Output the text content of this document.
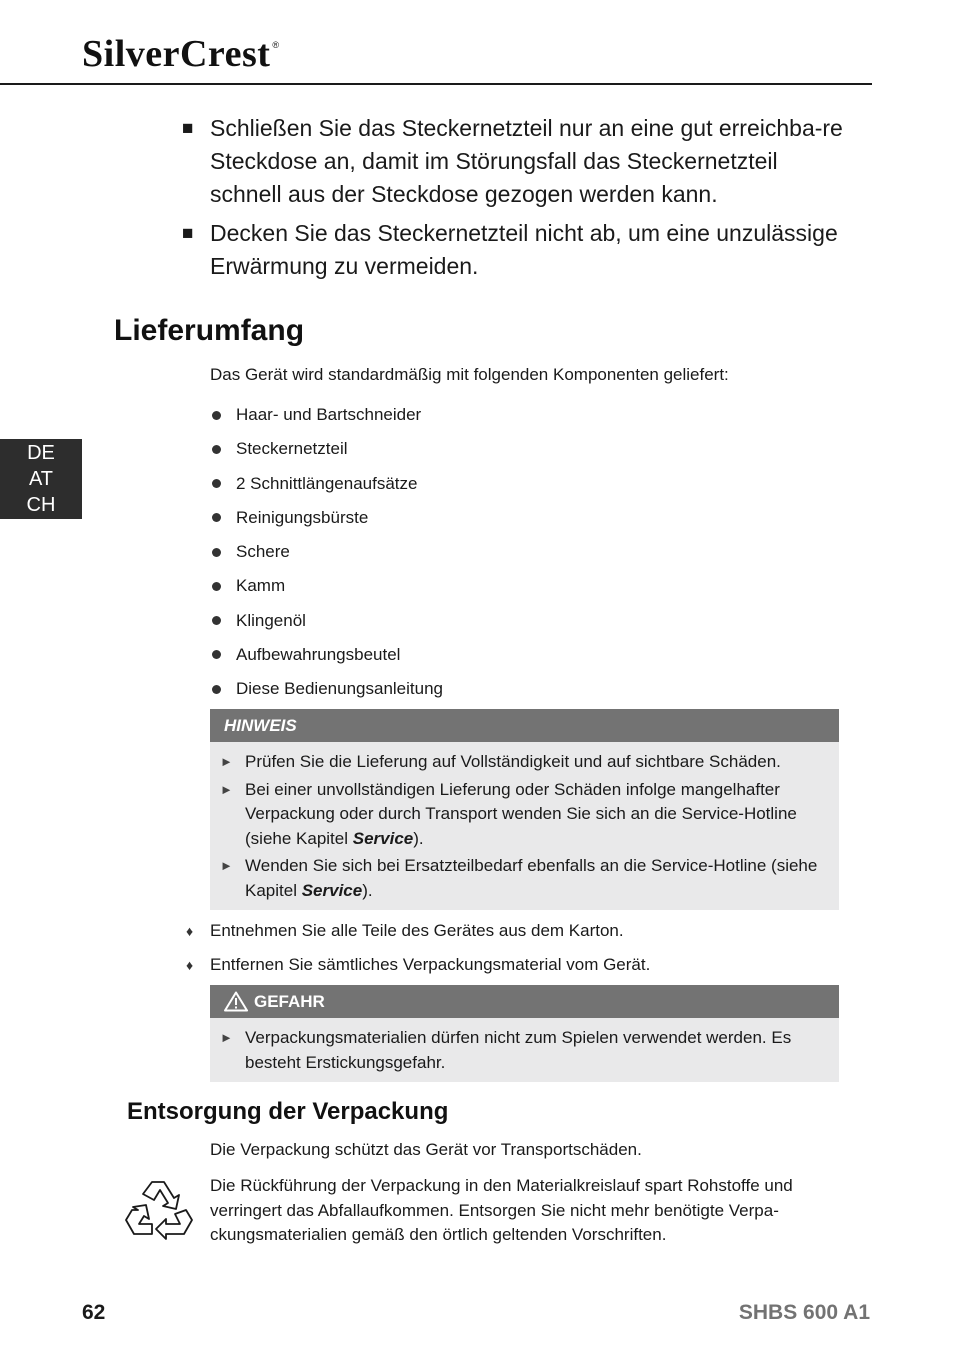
SilverCrest ®
■ Schließen Sie das Steckernetzteil nur an eine gut erreichba-re Steckdose an, damit im Störungsfall das Steckernetzteil schnell aus der Steckdose gezogen werden kann.
■ Decken Sie das Steckernetzteil nicht ab, um eine unzulässige Erwärmung zu vermeiden.
Lieferumfang
Das Gerät wird standardmäßig mit folgenden Komponenten geliefert:
Haar- und Bartschneider
Steckernetzteil
2 Schnittlängenaufsätze
Reinigungsbürste
Schere
Kamm
Klingenöl
Aufbewahrungsbeutel
Diese Bedienungsanleitung
HINWEIS
► Prüfen Sie die Lieferung auf Vollständigkeit und auf sichtbare Schäden.
► Bei einer unvollständigen Lieferung oder Schäden infolge mangelhafter Verpackung oder durch Transport wenden Sie sich an die Service-Hotline (siehe Kapitel Service).
► Wenden Sie sich bei Ersatzteilbedarf ebenfalls an die Service-Hotline (siehe Kapitel Service).
♦ Entnehmen Sie alle Teile des Gerätes aus dem Karton.
♦ Entfernen Sie sämtliches Verpackungsmaterial vom Gerät.
GEFAHR
► Verpackungsmaterialien dürfen nicht zum Spielen verwendet werden. Es besteht Erstickungsgefahr.
Entsorgung der Verpackung
Die Verpackung schützt das Gerät vor Transportschäden.
Die Rückführung der Verpackung in den Materialkreislauf spart Rohstoffe und verringert das Abfallaufkommen. Entsorgen Sie nicht mehr benötigte Verpa-ckungsmaterialien gemäß den örtlich geltenden Vorschriften.
DE
AT
CH
62	SHBS 600 A1
